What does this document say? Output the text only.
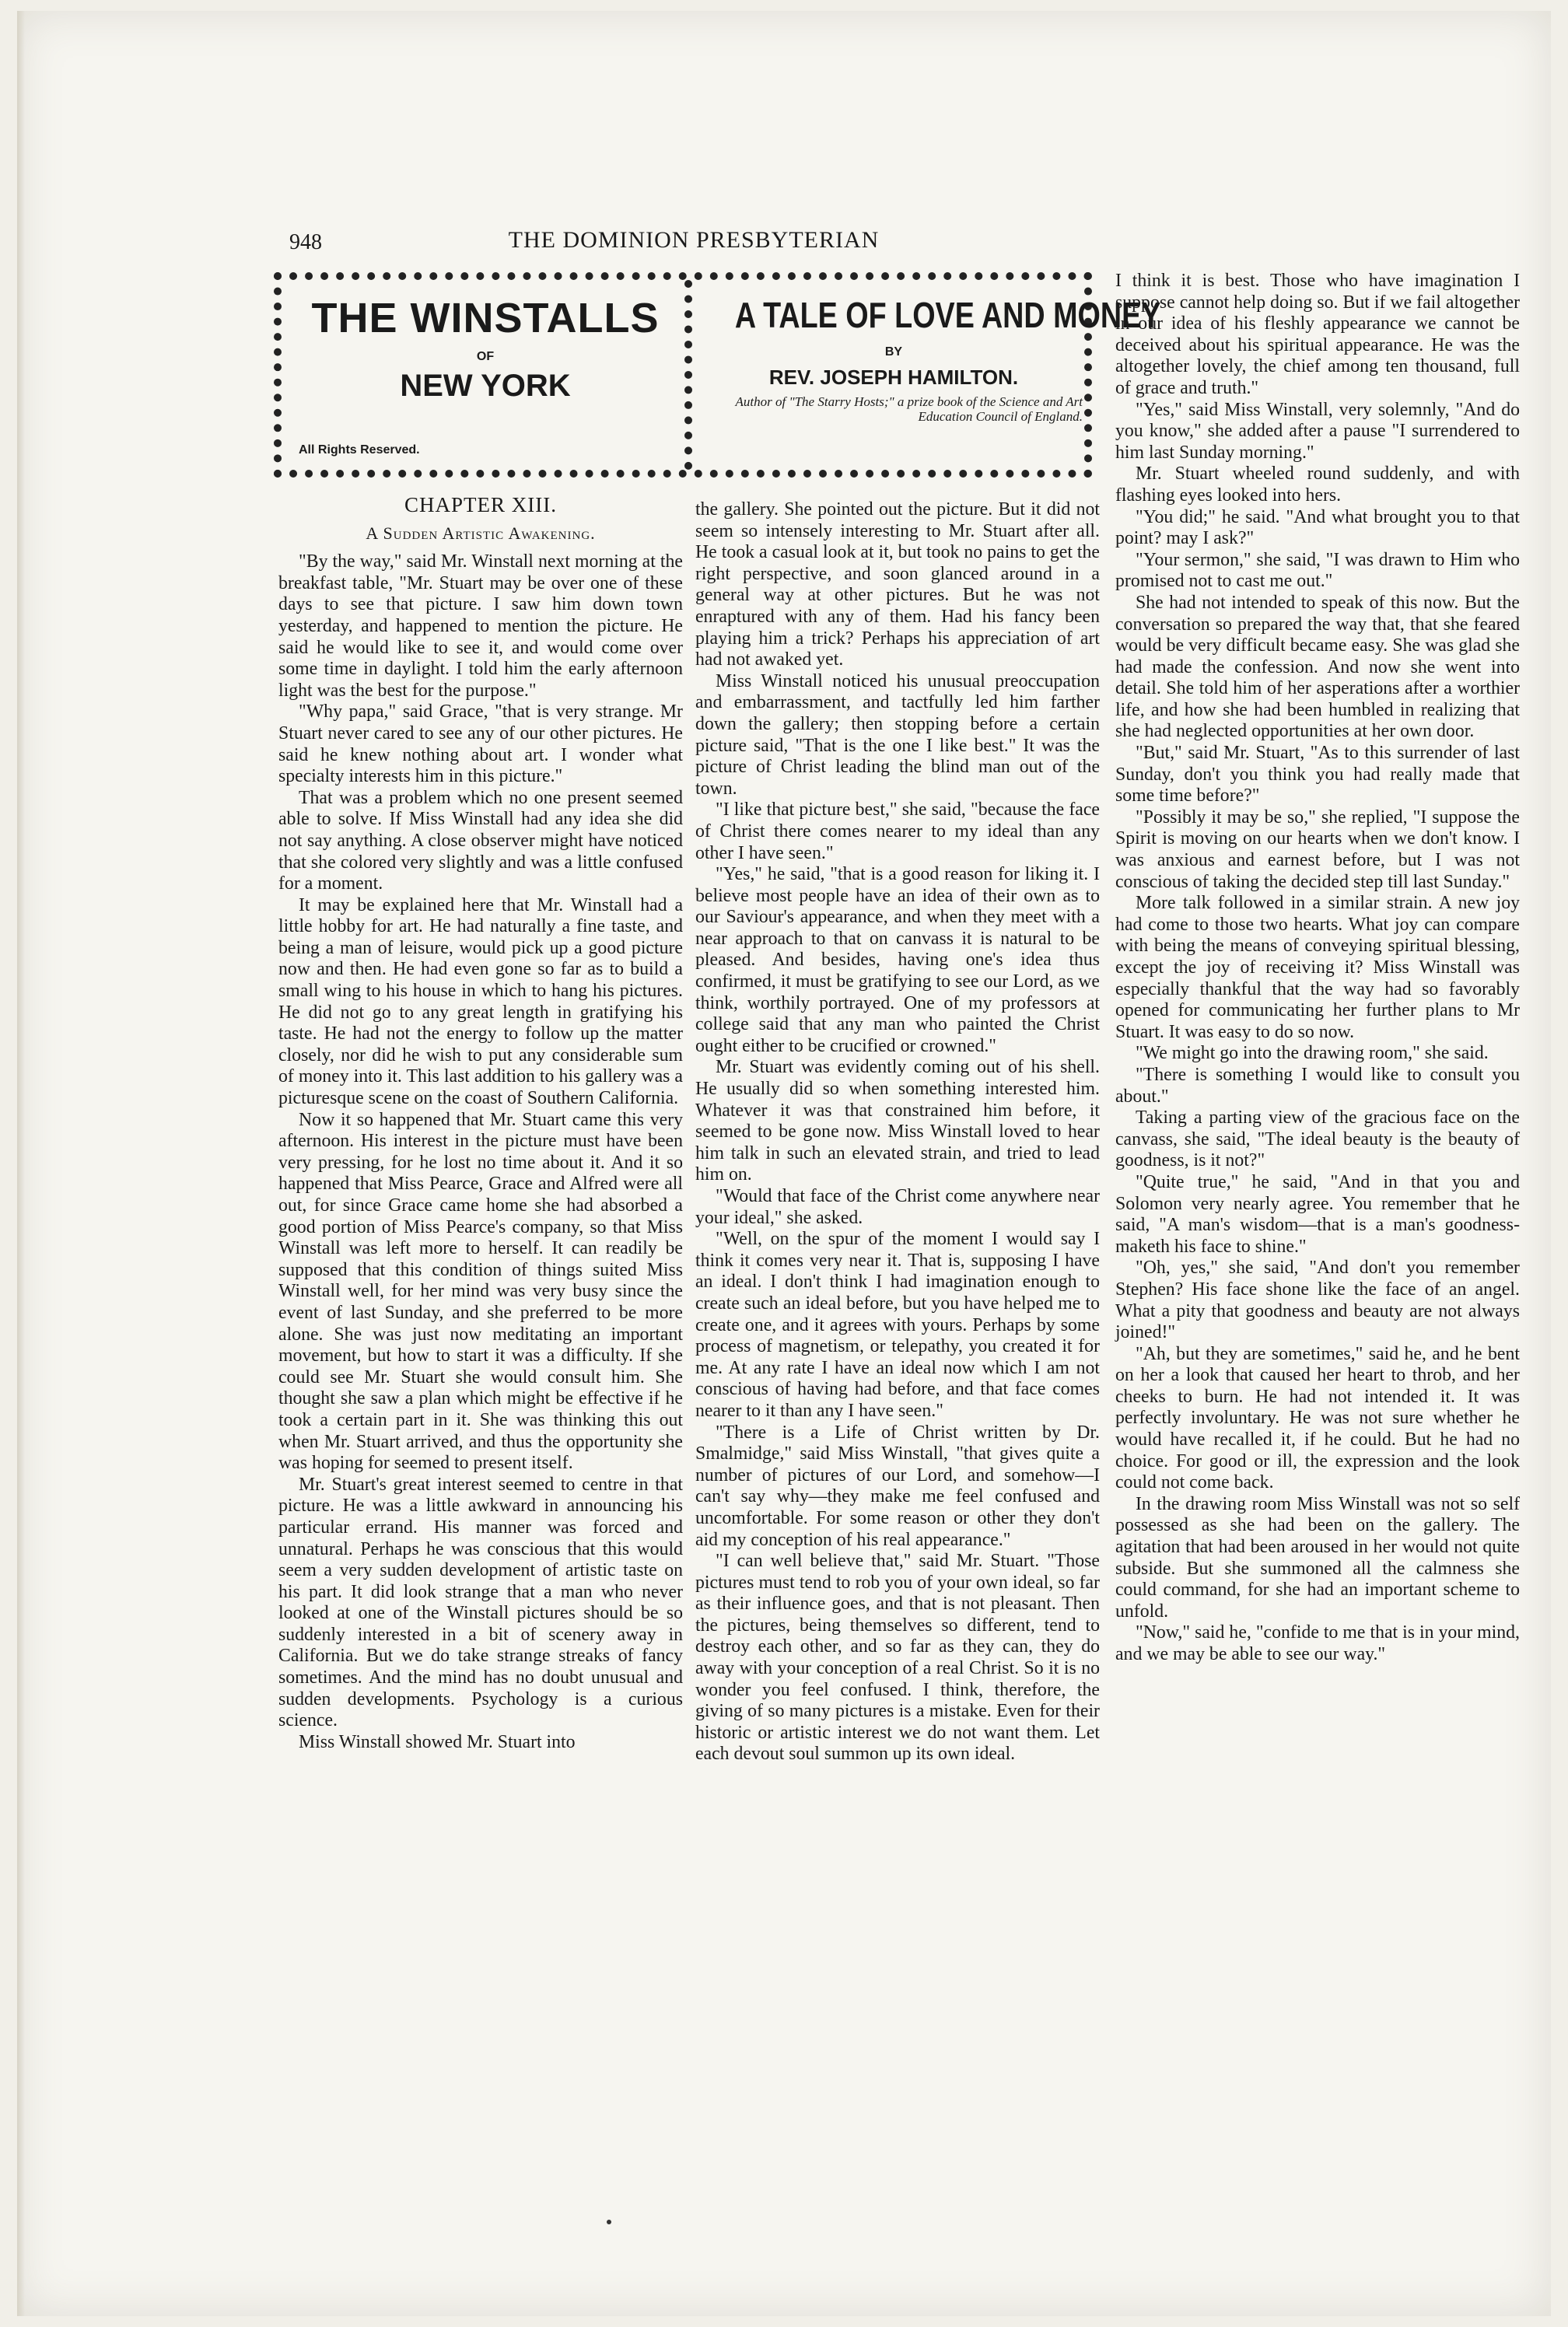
948	THE DOMINION PRESBYTERIAN
THE WINSTALLS
OF
NEW YORK
All Rights Reserved.
A TALE OF LOVE AND MONEY
BY
REV. JOSEPH HAMILTON.
Author of "The Starry Hosts;" a prize book of the Science and Art Education Council of England.
CHAPTER XIII.
A Sudden Artistic Awakening.

"By the way," said Mr. Winstall next morning at the breakfast table, "Mr. Stuart may be over one of these days to see that picture. I saw him down town yesterday, and happened to mention the picture. He said he would like to see it, and would come over some time in daylight. I told him the early afternoon light was the best for the purpose."

"Why papa," said Grace, "that is very strange. Mr Stuart never cared to see any of our other pictures. He said he knew nothing about art. I wonder what specialty interests him in this picture."

That was a problem which no one present seemed able to solve. If Miss Winstall had any idea she did not say anything. A close observer might have noticed that she colored very slightly and was a little confused for a moment.

It may be explained here that Mr. Winstall had a little hobby for art. He had naturally a fine taste, and being a man of leisure, would pick up a good picture now and then. He had even gone so far as to build a small wing to his house in which to hang his pictures. He did not go to any great length in gratifying his taste. He had not the energy to follow up the matter closely, nor did he wish to put any considerable sum of money into it. This last addition to his gallery was a picturesque scene on the coast of Southern California.

Now it so happened that Mr. Stuart came this very afternoon. His interest in the picture must have been very pressing, for he lost no time about it. And it so happened that Miss Pearce, Grace and Alfred were all out, for since Grace came home she had absorbed a good portion of Miss Pearce's company, so that Miss Winstall was left more to herself. It can readily be supposed that this condition of things suited Miss Winstall well, for her mind was very busy since the event of last Sunday, and she preferred to be more alone. She was just now meditating an important movement, but how to start it was a difficulty. If she could see Mr. Stuart she would consult him. She thought she saw a plan which might be effective if he took a certain part in it. She was thinking this out when Mr. Stuart arrived, and thus the opportunity she was hoping for seemed to present itself.

Mr. Stuart's great interest seemed to centre in that picture. He was a little awkward in announcing his particular errand. His manner was forced and unnatural. Perhaps he was conscious that this would seem a very sudden development of artistic taste on his part. It did look strange that a man who never looked at one of the Winstall pictures should be so suddenly interested in a bit of scenery away in California. But we do take strange streaks of fancy sometimes. And the mind has no doubt unusual and sudden developments. Psychology is a curious science.

Miss Winstall showed Mr. Stuart into

the gallery. She pointed out the picture. But it did not seem so intensely interesting to Mr. Stuart after all. He took a casual look at it, but took no pains to get the right perspective, and soon glanced around in a general way at other pictures. But he was not enraptured with any of them. Had his fancy been playing him a trick? Perhaps his appreciation of art had not awaked yet.

Miss Winstall noticed his unusual preoccupation and embarrassment, and tactfully led him farther down the gallery; then stopping before a certain picture said, "That is the one I like best." It was the picture of Christ leading the blind man out of the town.

"I like that picture best," she said, "because the face of Christ there comes nearer to my ideal than any other I have seen."

"Yes," he said, "that is a good reason for liking it. I believe most people have an idea of their own as to our Saviour's appearance, and when they meet with a near approach to that on canvass it is natural to be pleased. And besides, having one's idea thus confirmed, it must be gratifying to see our Lord, as we think, worthily portrayed. One of my professors at college said that any man who painted the Christ ought either to be crucified or crowned."

Mr. Stuart was evidently coming out of his shell. He usually did so when something interested him. Whatever it was that constrained him before, it seemed to be gone now. Miss Winstall loved to hear him talk in such an elevated strain, and tried to lead him on.

"Would that face of the Christ come anywhere near your ideal," she asked.

"Well, on the spur of the moment I would say I think it comes very near it. That is, supposing I have an ideal. I don't think I had imagination enough to create such an ideal before, but you have helped me to create one, and it agrees with yours. Perhaps by some process of magnetism, or telepathy, you created it for me. At any rate I have an ideal now which I am not conscious of having had before, and that face comes nearer to it than any I have seen."

"There is a Life of Christ written by Dr. Smalmidge," said Miss Winstall, "that gives quite a number of pictures of our Lord, and somehow—I can't say why—they make me feel confused and uncomfortable. For some reason or other they don't aid my conception of his real appearance."

"I can well believe that," said Mr. Stuart. "Those pictures must tend to rob you of your own ideal, so far as their influence goes, and that is not pleasant. Then the pictures, being themselves so different, tend to destroy each other, and so far as they can, they do away with your conception of a real Christ. So it is no wonder you feel confused. I think, therefore, the giving of so many pictures is a mistake. Even for their historic or artistic interest we do not want them. Let each devout soul summon up its own ideal.

I think it is best. Those who have imagination I suppose cannot help doing so. But if we fail altogether in our idea of his fleshly appearance we cannot be deceived about his spiritual appearance. He was the altogether lovely, the chief among ten thousand, full of grace and truth."

"Yes," said Miss Winstall, very solemnly, "And do you know," she added after a pause "I surrendered to him last Sunday morning."

Mr. Stuart wheeled round suddenly, and with flashing eyes looked into hers.

"You did;" he said. "And what brought you to that point? may I ask?"

"Your sermon," she said, "I was drawn to Him who promised not to cast me out."

She had not intended to speak of this now. But the conversation so prepared the way that, that she feared would be very difficult became easy. She was glad she had made the confession. And now she went into detail. She told him of her asperations after a worthier life, and how she had been humbled in realizing that she had neglected opportunities at her own door.

"But," said Mr. Stuart, "As to this surrender of last Sunday, don't you think you had really made that some time before?"

"Possibly it may be so," she replied, "I suppose the Spirit is moving on our hearts when we don't know. I was anxious and earnest before, but I was not conscious of taking the decided step till last Sunday."

More talk followed in a similar strain. A new joy had come to those two hearts. What joy can compare with being the means of conveying spiritual blessing, except the joy of receiving it? Miss Winstall was especially thankful that the way had so favorably opened for communicating her further plans to Mr Stuart. It was easy to do so now.

"We might go into the drawing room," she said.

"There is something I would like to consult you about."

Taking a parting view of the gracious face on the canvass, she said, "The ideal beauty is the beauty of goodness, is it not?"

"Quite true," he said, "And in that you and Solomon very nearly agree. You remember that he said, "A man's wisdom—that is a man's goodness-maketh his face to shine."

"Oh, yes," she said, "And don't you remember Stephen? His face shone like the face of an angel. What a pity that goodness and beauty are not always joined!"

"Ah, but they are sometimes," said he, and he bent on her a look that caused her heart to throb, and her cheeks to burn. He had not intended it. It was perfectly involuntary. He was not sure whether he would have recalled it, if he could. But he had no choice. For good or ill, the expression and the look could not come back.

In the drawing room Miss Winstall was not so self possessed as she had been on the gallery. The agitation that had been aroused in her would not quite subside. But she summoned all the calmness she could command, for she had an important scheme to unfold.

"Now," said he, "confide to me that is in your mind, and we may be able to see our way."
